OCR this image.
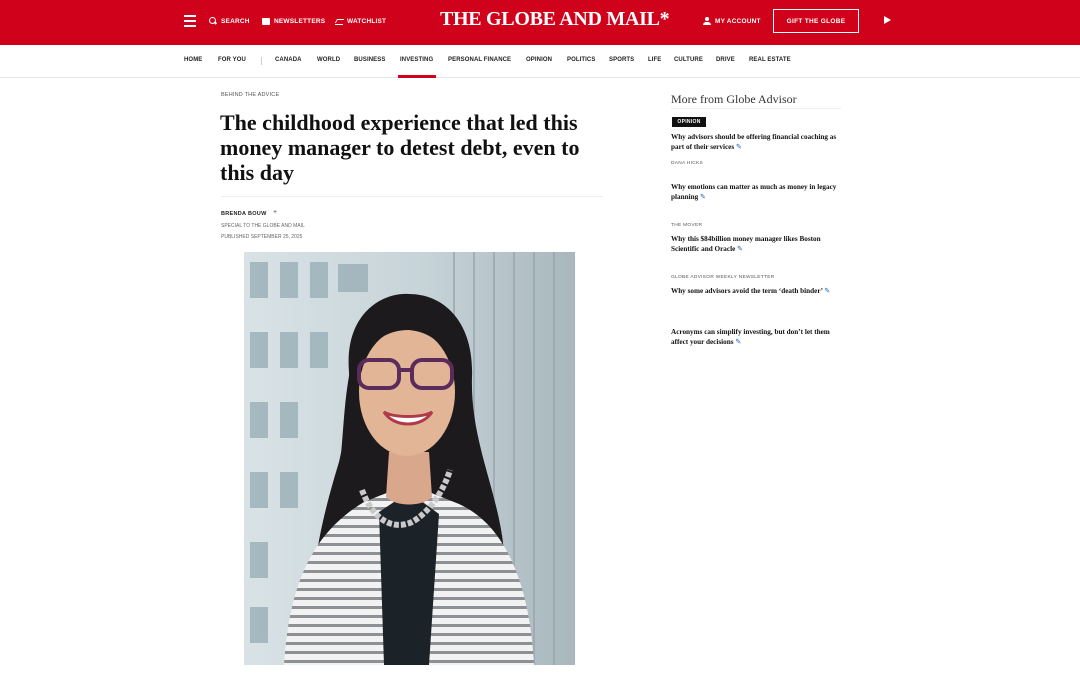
SEARCH	NEWSLETTERS	WATCHLIST	THE GLOBE AND MAIL*	MY ACCOUNT	GIFT THE GLOBE
HOME	FOR YOU	CANADA	WORLD BUSINESS INVESTING PERSONAL FINANCE OPINION POLITICS SPORTS LIFE CULTURE DRIVE REAL ESTATE
BEHIND THE ADVICE
The childhood experience that led this money manager to detest debt, even to this day
BRENDA BOUW +
SPECIAL TO THE GLOBE AND MAIL
PUBLISHED SEPTEMBER 25, 2025
More from Globe Advisor
OPINION
Why advisors should be offering financial coaching as part of their services ✎
DANA HICKS
Why emotions can matter as much as money in legacy planning ✎
THE MOVER
Why this $84billion money manager likes Boston Scientific and Oracle ✎
GLOBE ADVISOR WEEKLY NEWSLETTER
Why some advisors avoid the term ‘death binder’ ✎
Acronyms can simplify investing, but don’t let them affect your decisions ✎
